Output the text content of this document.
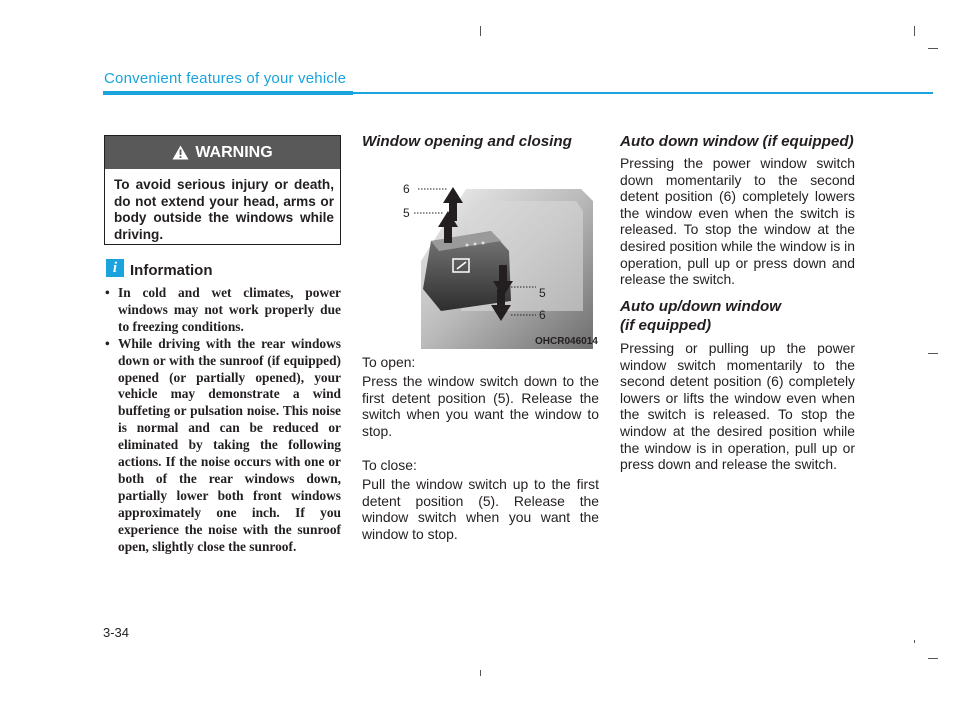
Convenient features of your vehicle
WARNING
To avoid serious injury or death, do not extend your head, arms or body outside the windows while driving.
i Information
• In cold and wet climates, power windows may not work properly due to freezing conditions.
• While driving with the rear windows down or with the sunroof (if equipped) opened (or partially opened), your vehicle may demonstrate a wind buffeting or pulsation noise. This noise is normal and can be reduced or eliminated by taking the following actions. If the noise occurs with one or both of the rear windows down, partially lower both front windows approximately one inch. If you experience the noise with the sunroof open, slightly close the sunroof.
Window opening and closing
6
5
5
6
OHCR046014
To open:
Press the window switch down to the first detent position (5). Release the switch when you want the window to stop.
To close:
Pull the window switch up to the first detent position (5). Release the window switch when you want the window to stop.
Auto down window (if equipped)
Pressing the power window switch down momentarily to the second detent position (6) completely lowers the window even when the switch is released. To stop the window at the desired position while the window is in operation, pull up or press down and release the switch.
Auto up/down window
(if equipped)
Pressing or pulling up the power window switch momentarily to the second detent position (6) completely lowers or lifts the window even when the switch is released. To stop the window at the desired position while the window is in operation, pull up or press down and release the switch.
3-34
